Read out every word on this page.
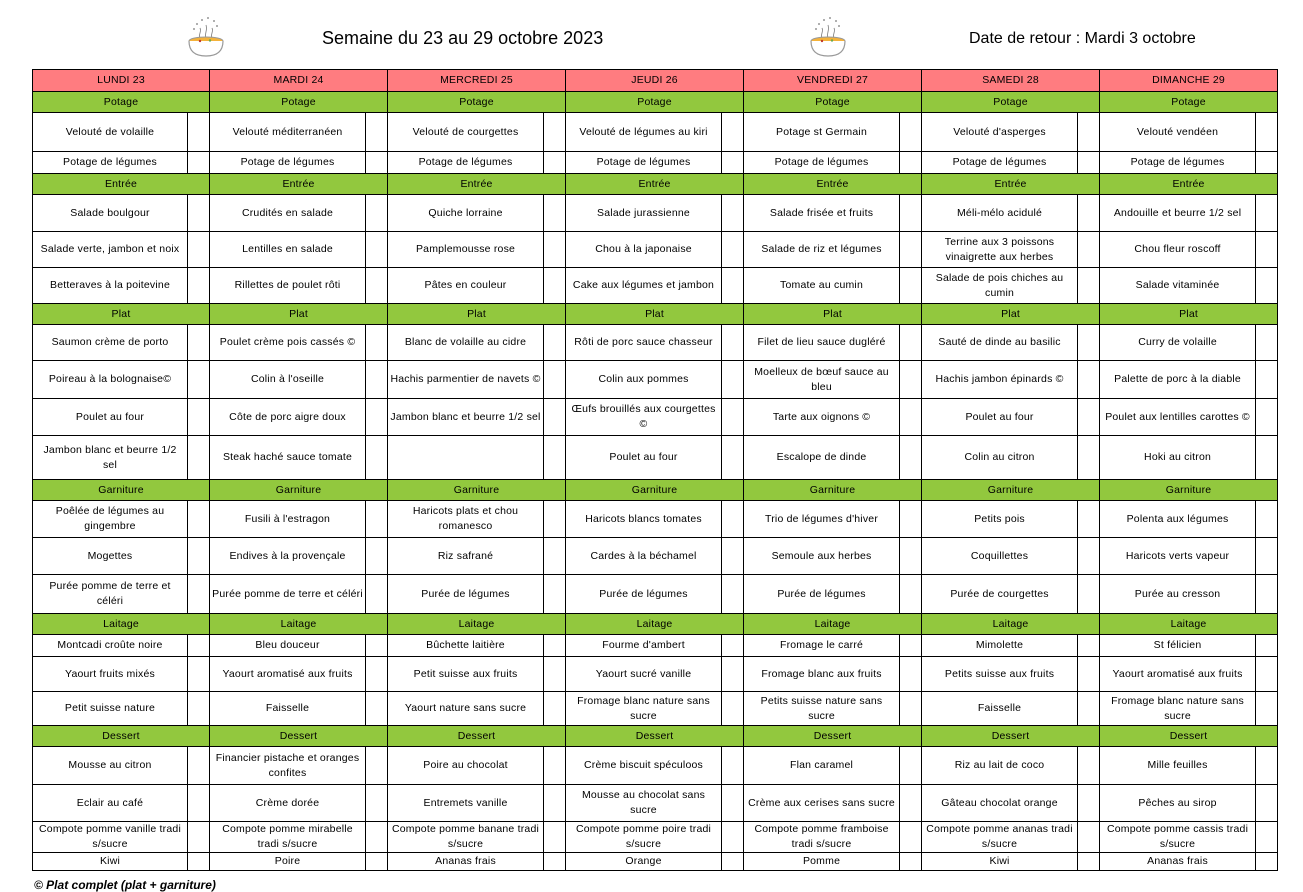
Semaine du 23 au 29 octobre 2023	Date de retour : Mardi 3 octobre
LUNDI 23		MARDI 24		MERCREDI 25		JEUDI 26		VENDREDI 27		SAMEDI 28		DIMANCHE 29	
Potage		Potage		Potage		Potage		Potage		Potage		Potage	
Velouté de volaille		Velouté méditerranéen		Velouté de courgettes		Velouté de légumes au kiri		Potage st Germain		Velouté d'asperges		Velouté vendéen	
Potage de légumes		Potage de légumes		Potage de légumes		Potage de légumes		Potage de légumes		Potage de légumes		Potage de légumes	
Entrée		Entrée		Entrée		Entrée		Entrée		Entrée		Entrée	
Salade boulgour		Crudités en salade		Quiche lorraine		Salade jurassienne		Salade frisée et fruits		Méli-mélo acidulé		Andouille et beurre 1/2 sel	
Salade verte, jambon et noix		Lentilles en salade		Pamplemousse rose		Chou à la japonaise		Salade de riz et légumes		Terrine aux 3 poissons vinaigrette aux herbes		Chou fleur roscoff	
Betteraves à la poitevine		Rillettes de poulet rôti		Pâtes en couleur		Cake aux légumes et jambon		Tomate au cumin		Salade de pois chiches au cumin		Salade vitaminée	
Plat		Plat		Plat		Plat		Plat		Plat		Plat	
Saumon crème de porto		Poulet crème pois cassés ©		Blanc de volaille au cidre		Rôti de porc sauce chasseur		Filet de lieu sauce dugléré		Sauté de dinde au basilic		Curry de volaille	
Poireau à la bolognaise©		Colin à l'oseille		Hachis parmentier de navets ©		Colin aux pommes		Moelleux de bœuf sauce au bleu		Hachis jambon épinards ©		Palette de porc à la diable	
Poulet au four		Côte de porc aigre doux		Jambon blanc et beurre 1/2 sel		Œufs brouillés aux courgettes ©		Tarte aux oignons ©		Poulet au four		Poulet aux lentilles carottes ©	
Jambon blanc et beurre 1/2 sel		Steak haché sauce tomate				Poulet au four		Escalope de dinde		Colin au citron		Hoki au citron	
Garniture		Garniture		Garniture		Garniture		Garniture		Garniture		Garniture	
Poêlée de légumes au gingembre		Fusili à l'estragon		Haricots plats et chou romanesco		Haricots blancs tomates		Trio de légumes d'hiver		Petits pois		Polenta aux légumes	
Mogettes		Endives à la provençale		Riz safrané		Cardes à la béchamel		Semoule aux herbes		Coquillettes		Haricots verts vapeur	
Purée pomme de terre et céléri		Purée pomme de terre et céléri		Purée de légumes		Purée de légumes		Purée de légumes		Purée de courgettes		Purée au cresson	
Laitage		Laitage		Laitage		Laitage		Laitage		Laitage		Laitage	
Montcadi croûte noire		Bleu douceur		Bûchette laitière		Fourme d'ambert		Fromage le carré		Mimolette		St félicien	
Yaourt fruits mixés		Yaourt aromatisé aux fruits		Petit suisse aux fruits		Yaourt sucré vanille		Fromage blanc aux fruits		Petits suisse aux fruits		Yaourt aromatisé aux fruits	
Petit suisse nature		Faisselle		Yaourt nature sans sucre		Fromage blanc nature sans sucre		Petits suisse nature sans sucre		Faisselle		Fromage blanc nature sans sucre	
Dessert		Dessert		Dessert		Dessert		Dessert		Dessert		Dessert	
Mousse au citron		Financier pistache et oranges confites		Poire au chocolat		Crème biscuit spéculoos		Flan caramel		Riz au lait de coco		Mille feuilles	
Eclair au café		Crème dorée		Entremets vanille		Mousse au chocolat sans sucre		Crème aux cerises sans sucre		Gâteau chocolat orange		Pêches au sirop	
Compote pomme vanille tradi s/sucre		Compote pomme mirabelle tradi s/sucre		Compote pomme banane tradi s/sucre		Compote pomme poire tradi s/sucre		Compote pomme framboise tradi s/sucre		Compote pomme ananas tradi s/sucre		Compote pomme cassis tradi s/sucre	
Kiwi		Poire		Ananas frais		Orange		Pomme		Kiwi		Ananas frais	
© Plat complet (plat + garniture)
